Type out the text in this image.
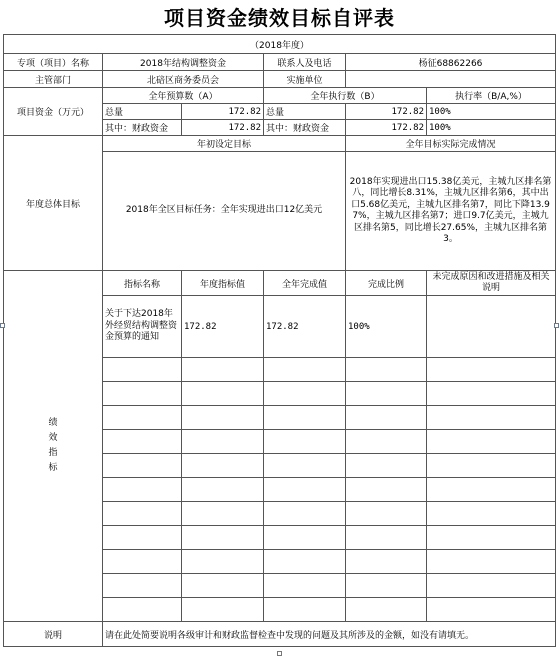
项目资金绩效目标自评表
（2018年度）					
专项（项目）名称	2018年结构调整资金		联系人及电话	杨征68862266	
主管部门	北碚区商务委员会		实施单位		
项目资金（万元）	全年预算数（A）		全年执行数（B）		执行率（B/A,%）
	总量	172.82	总量	172.82	100%
	其中：财政资金	172.82	其中：财政资金	172.82	100%
年度总体目标	年初设定目标			全年目标实际完成情况	
	2018年全区目标任务：全年实现进出口12亿美元			2018年实现进出口15.38亿美元，主城九区排名第八，同比增长8.31%，主城九区排名第6，其中出口5.68亿美元，主城九区排名第7，同比下降13.97%，主城九区排名第7；进口9.7亿美元，主城九区排名第5，同比增长27.65%，主城九区排名第3。	

绩效指标	指标名称	年度指标值	全年完成值	完成比例	未完成原因和改进措施及相关说明
	关于下达2018年外经贸结构调整资金预算的通知	172.82	172.82	100%	

说明	请在此处简要说明各级审计和财政监督检查中发现的问题及其所涉及的金额，如没有请填无。				
